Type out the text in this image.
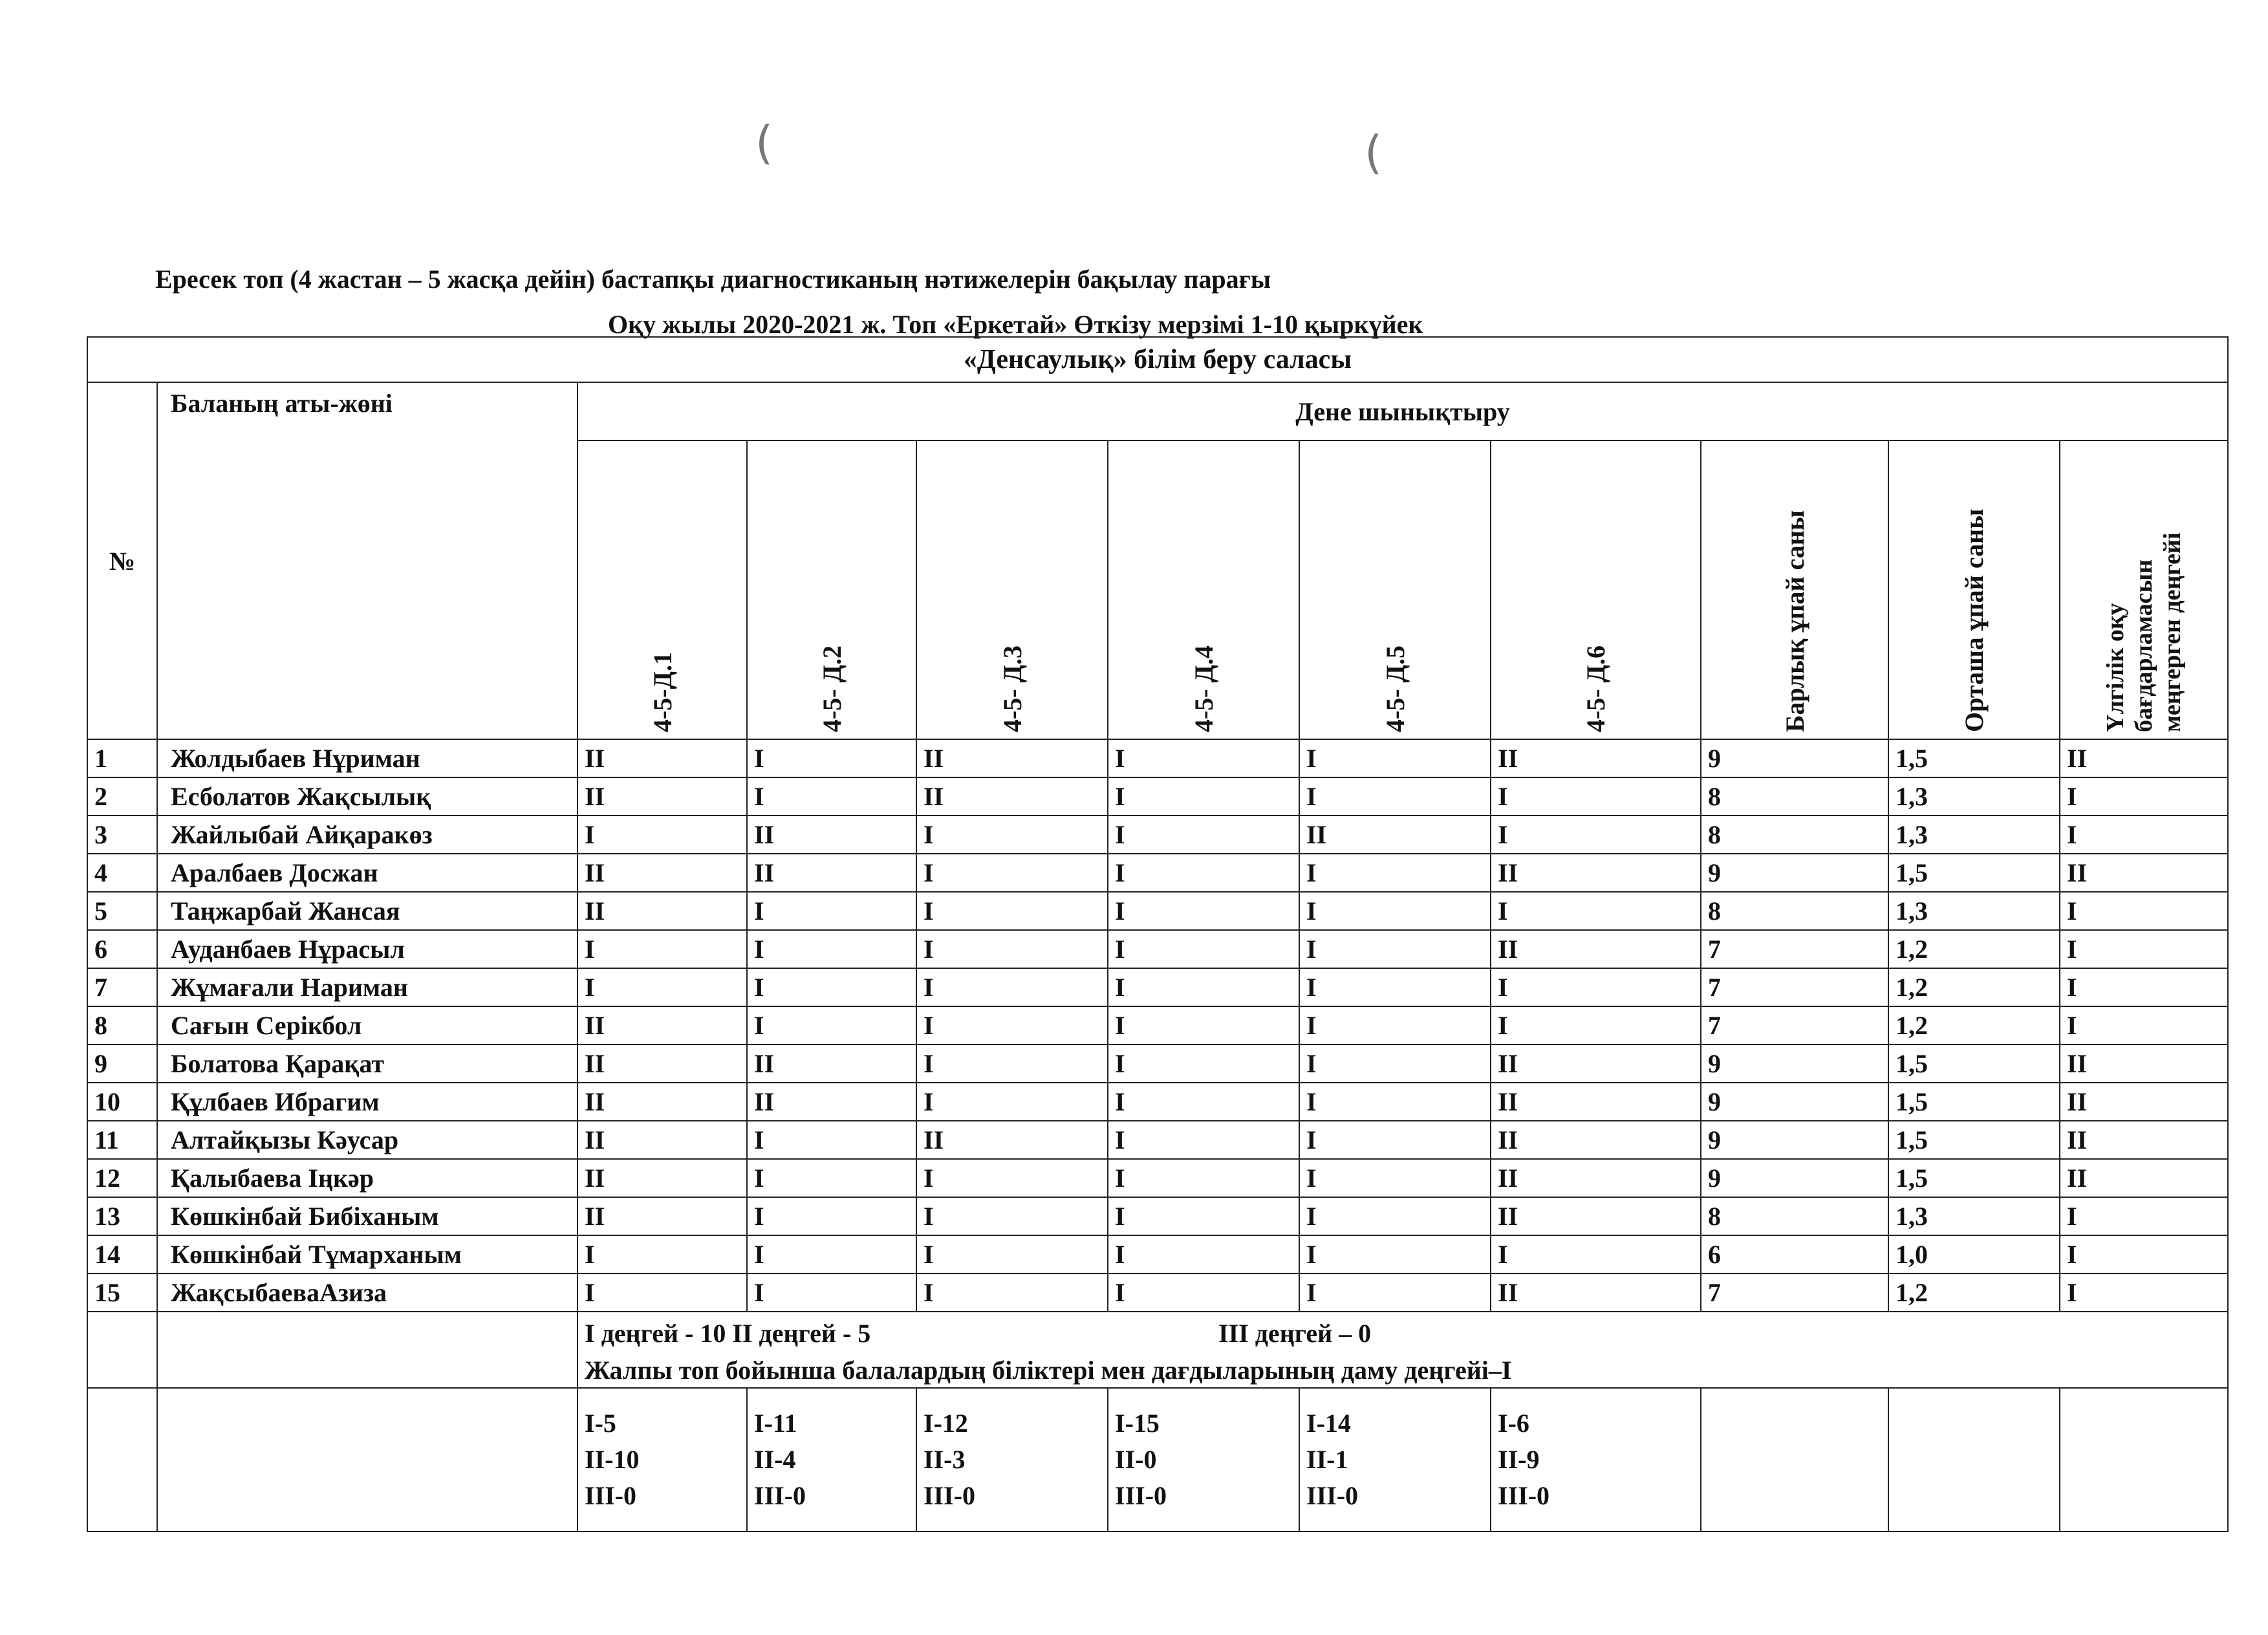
(	(
Ересек топ (4 жастан – 5 жасқа дейін) бастапқы диагностиканың нәтижелерін бақылау парағы
Оқу жылы 2020-2021 ж. Топ «Еркетай» Өткізу мерзімі 1-10 қыркүйек
«Денсаулық» білім беру саласы										
№	Баланың аты-жөні	Дене шынықтыру								

		4-5-Д.1	4-5- Д.2	4-5- Д.3	4-5- Д.4	4-5- Д.5	4-5- Д.6	Барлық ұпай саны	Орташа ұпай саны	Үлгілік оқу бағдарламасын меңгерген деңгейі

1	Жолдыбаев Нұриман	II	I	II	I	I	II	9	1,5	II
2	Есболатов Жақсылық	II	I	II	I	I	I	8	1,3	I
3	Жайлыбай Айқаракөз	I	II	I	I	II	I	8	1,3	I
4	Аралбаев Досжан	II	II	I	I	I	II	9	1,5	II
5	Таңжарбай Жансая	II	I	I	I	I	I	8	1,3	I
6	Ауданбаев Нұрасыл	I	I	I	I	I	II	7	1,2	I
7	Жұмағали Нариман	I	I	I	I	I	I	7	1,2	I
8	Сағын Серікбол	II	I	I	I	I	I	7	1,2	I
9	Болатова Қарақат	II	II	I	I	I	II	9	1,5	II
10	Құлбаев Ибрагим	II	II	I	I	I	II	9	1,5	II
11	Алтайқызы Кәусар	II	I	II	I	I	II	9	1,5	II
12	Қалыбаева Іңкәр	II	I	I	I	I	II	9	1,5	II
13	Көшкінбай Бибіханым	II	I	I	I	I	II	8	1,3	I
14	Көшкінбай Тұмарханым	I	I	I	I	I	I	6	1,0	I
15	ЖақсыбаеваАзиза	I	I	I	I	I	II	7	1,2	I

		I деңгей - 10 II деңгей - 5 III деңгей – 0
Жалпы топ бойынша балалардың біліктері мен дағдыларының даму деңгейі–I								

		I-5
II-10
III-0	I-11
II-4
III-0	I-12
II-3
III-0	I-15
II-0
III-0	I-14
II-1
III-0	I-6
II-9
III-0			
